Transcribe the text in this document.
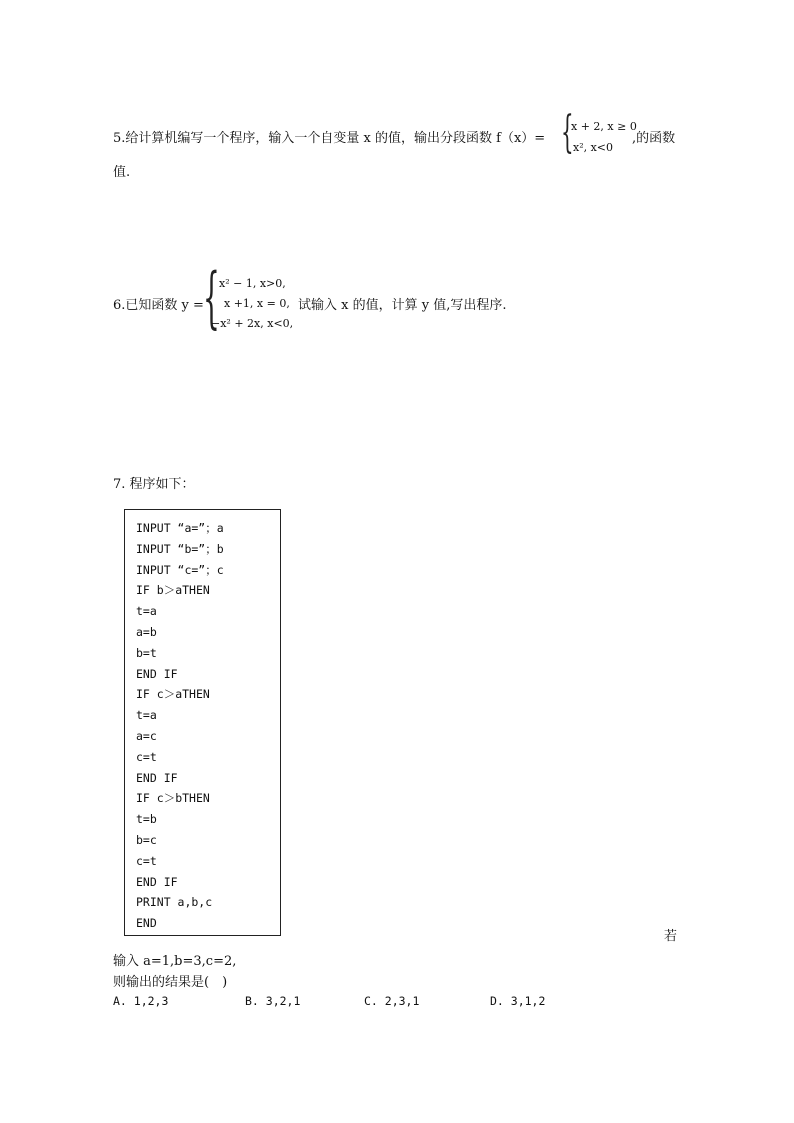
5.给计算机编写一个程序，输入一个自变量 x 的值，输出分段函数 f（x）= {
x + 2, x ≥ 0
x², x<0
,的函数
值.
6.已知函数 y = { x² − 1, x>0,
x +1, x = 0,
−x² + 2x, x<0,
试输入 x 的值，计算 y 值,写出程序.
7. 程序如下：
INPUT “a=”；a
INPUT “b=”；b
INPUT “c=”；c
IF b＞aTHEN
t=a
a=b
b=t
END IF
IF c＞aTHEN
t=a
a=c
c=t
END IF
IF c＞bTHEN
t=b
b=c
c=t
END IF
PRINT a,b,c
END
若
输入 a=1,b=3,c=2,
则输出的结果是(　)
A. 1,2,3	B. 3,2,1	C. 2,3,1	D. 3,1,2
